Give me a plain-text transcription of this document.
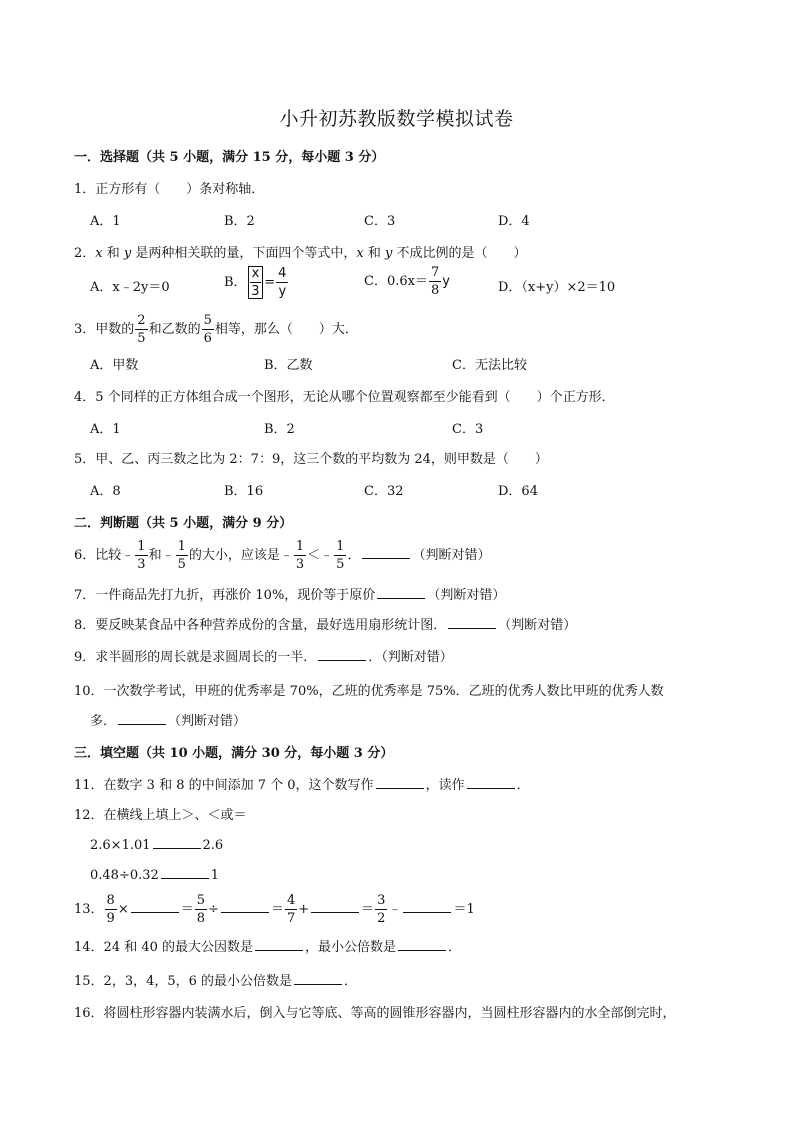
小升初苏教版数学模拟试卷
一．选择题（共 5 小题，满分 15 分，每小题 3 分）
1．正方形有（　　）条对称轴．
A．1	B．2	C．3	D．4
2．x 和 y 是两种相关联的量，下面四个等式中，x 和 y 不成比例的是（　　）
A．x﹣2y＝0	B． $\frac{x}{3} = \frac{4}{y}$	C．$0.6x= \frac{7}{8}$ y	D．（x+y）×2＝10
3．甲数的 $\frac{2}{5}$ 和乙数的 $\frac{5}{6}$ 相等，那么（　　）大．
A．甲数	B．乙数	C．无法比较
4．5 个同样的正方体组合成一个图形，无论从哪个位置观察都至少能看到（　　）个正方形．
A．1	B．2	C．3
5．甲、乙、丙三数之比为 2：7：9，这三个数的平均数为 24，则甲数是（　　）
A．8	B．16	C．32	D．64
二．判断题（共 5 小题，满分 9 分）
6．比较﹣ $\frac{1}{3}$ 和﹣ $\frac{1}{5}$ 的大小，应该是﹣ $\frac{1}{3}$ ＜﹣ $\frac{1}{5}$ ．	（判断对错）
7．一件商品先打九折，再涨价 10%，现价等于原价	（判断对错）
8．要反映某食品中各种营养成份的含量，最好选用扇形统计图．	（判断对错）
9．求半圆形的周长就是求圆周长的一半．	．（判断对错）
10．一次数学考试，甲班的优秀率是 70%，乙班的优秀率是 75%．乙班的优秀人数比甲班的优秀人数
多．	（判断对错）
三．填空题（共 10 小题，满分 30 分，每小题 3 分）
11．在数字 3 和 8 的中间添加 7 个 0，这个数写作	，读作	．
12．在横线上填上＞、＜或＝
2.6×1.01	2.6
0.48÷0.32	1
13． $\frac{8}{9}$ ×	＝ $\frac{5}{8}$ ÷	＝ $\frac{4}{7}$ +	＝ $\frac{3}{2}$ ﹣	＝1
14．24 和 40 的最大公因数是	，最小公倍数是	．
15．2，3，4，5，6 的最小公倍数是	．
16．将圆柱形容器内装满水后，倒入与它等底、等高的圆锥形容器内，当圆柱形容器内的水全部倒完时，
